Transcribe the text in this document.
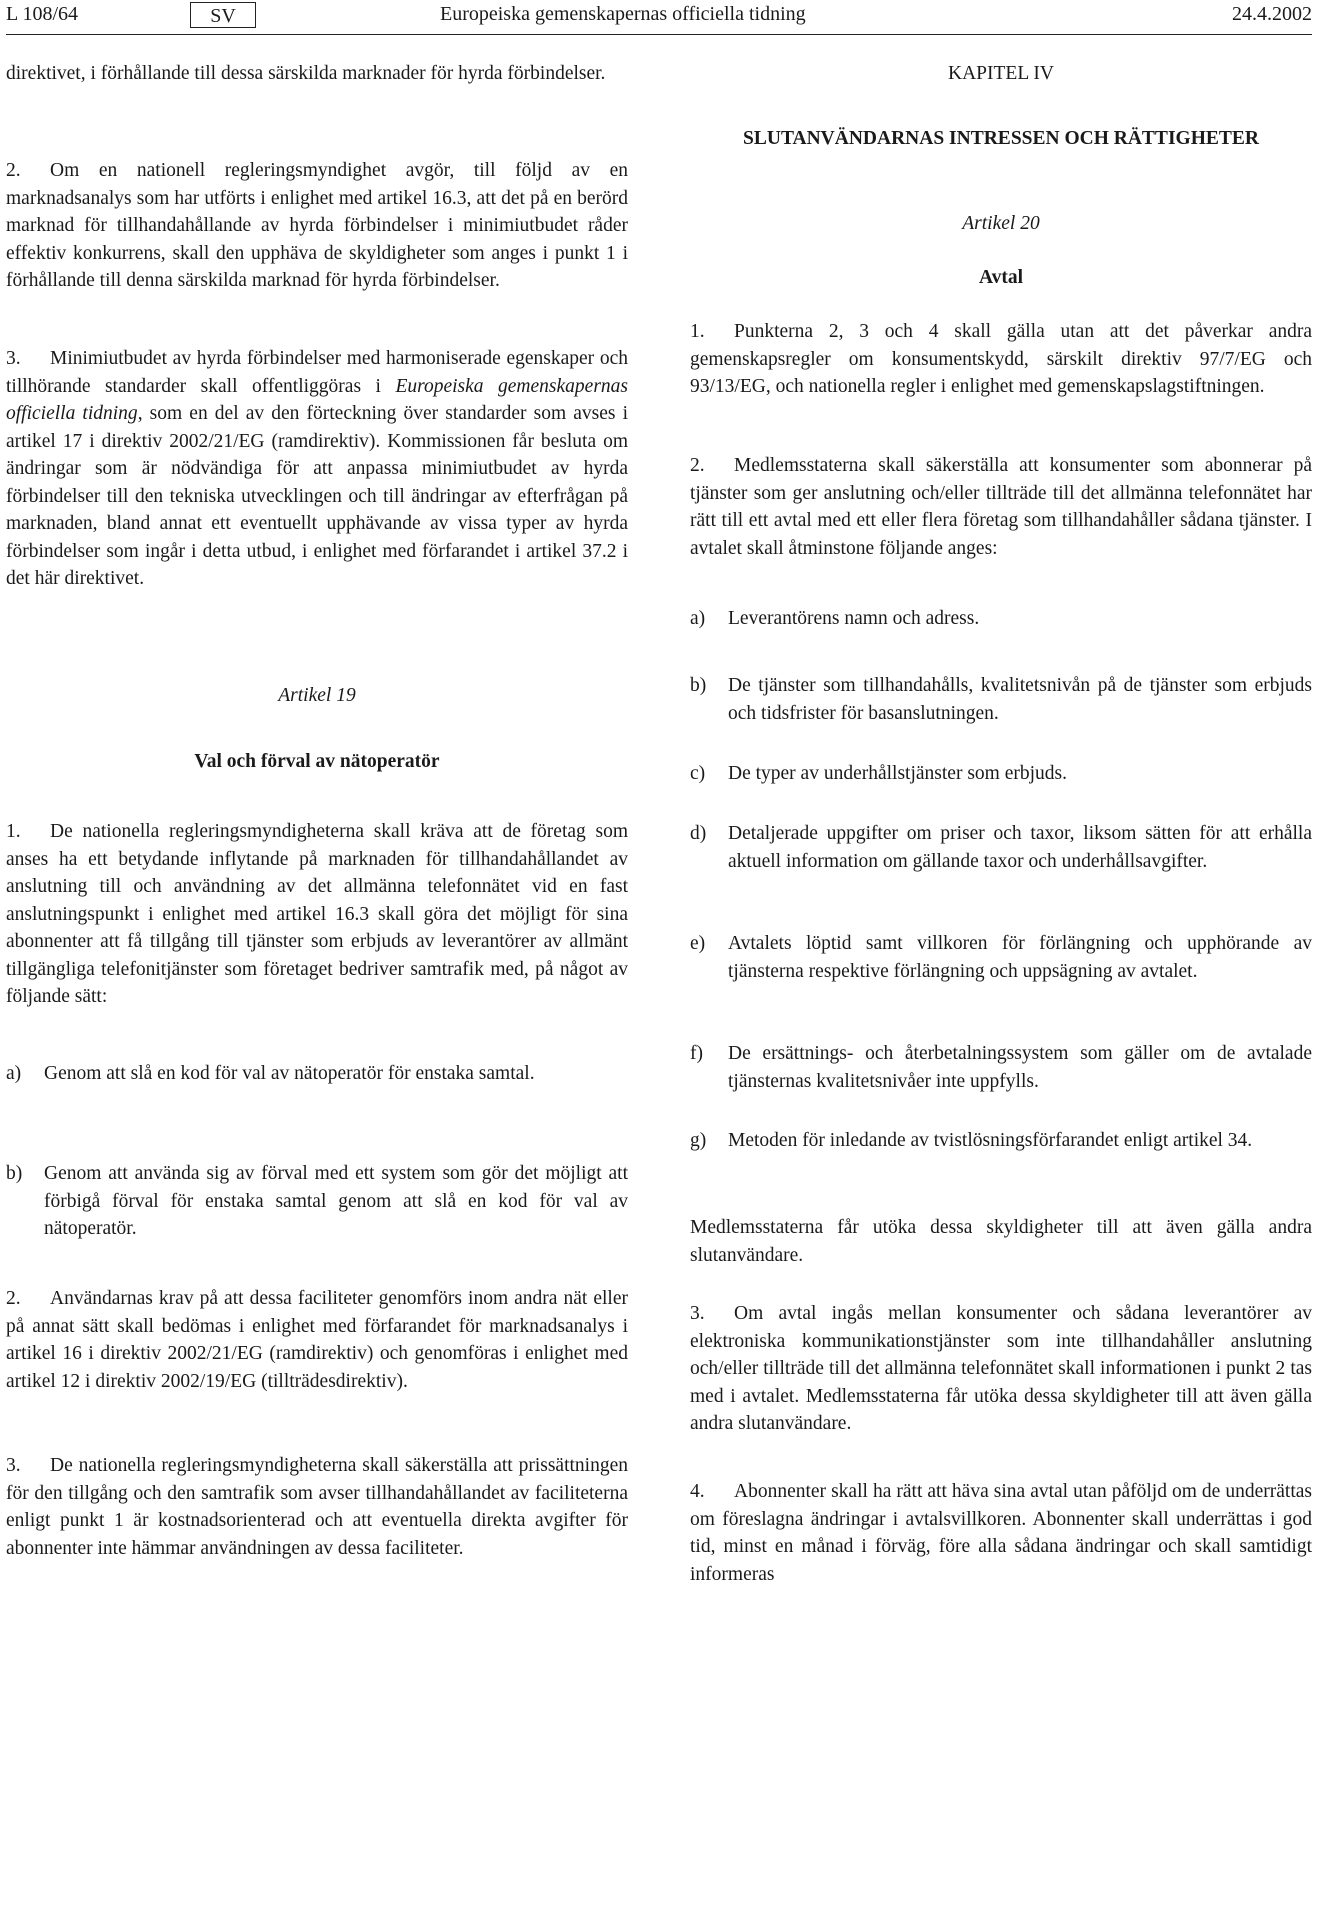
L 108/64	SV	Europeiska gemenskapernas officiella tidning	24.4.2002

direktivet, i förhållande till dessa särskilda marknader för hyrda förbindelser.

2. Om en nationell regleringsmyndighet avgör, till följd av en marknadsanalys som har utförts i enlighet med artikel 16.3, att det på en berörd marknad för tillhandahållande av hyrda förbindelser i minimiutbudet råder effektiv konkurrens, skall den upphäva de skyldigheter som anges i punkt 1 i förhållande till denna särskilda marknad för hyrda förbindelser.

3. Minimiutbudet av hyrda förbindelser med harmoniserade egenskaper och tillhörande standarder skall offentliggöras i Europeiska gemenskapernas officiella tidning, som en del av den förteckning över standarder som avses i artikel 17 i direktiv 2002/21/EG (ramdirektiv). Kommissionen får besluta om ändringar som är nödvändiga för att anpassa minimiutbudet av hyrda förbindelser till den tekniska utvecklingen och till ändringar av efterfrågan på marknaden, bland annat ett eventuellt upphävande av vissa typer av hyrda förbindelser som ingår i detta utbud, i enlighet med förfarandet i artikel 37.2 i det här direktivet.

Artikel 19
Val och förval av nätoperatör

1. De nationella regleringsmyndigheterna skall kräva att de företag som anses ha ett betydande inflytande på marknaden för tillhandahållandet av anslutning till och användning av det allmänna telefonnätet vid en fast anslutningspunkt i enlighet med artikel 16.3 skall göra det möjligt för sina abonnenter att få tillgång till tjänster som erbjuds av leverantörer av allmänt tillgängliga telefonitjänster som företaget bedriver samtrafik med, på något av följande sätt:

a) Genom att slå en kod för val av nätoperatör för enstaka samtal.
b) Genom att använda sig av förval med ett system som gör det möjligt att förbigå förval för enstaka samtal genom att slå en kod för val av nätoperatör.

2. Användarnas krav på att dessa faciliteter genomförs inom andra nät eller på annat sätt skall bedömas i enlighet med förfarandet för marknadsanalys i artikel 16 i direktiv 2002/21/EG (ramdirektiv) och genomföras i enlighet med artikel 12 i direktiv 2002/19/EG (tillträdesdirektiv).

3. De nationella regleringsmyndigheterna skall säkerställa att prissättningen för den tillgång och den samtrafik som avser tillhandahållandet av faciliteterna enligt punkt 1 är kostnadsorienterad och att eventuella direkta avgifter för abonnenter inte hämmar användningen av dessa faciliteter.

KAPITEL IV
SLUTANVÄNDARNAS INTRESSEN OCH RÄTTIGHETER
Artikel 20
Avtal

1. Punkterna 2, 3 och 4 skall gälla utan att det påverkar andra gemenskapsregler om konsumentskydd, särskilt direktiv 97/7/EG och 93/13/EG, och nationella regler i enlighet med gemenskapslagstiftningen.

2. Medlemsstaterna skall säkerställa att konsumenter som abonnerar på tjänster som ger anslutning och/eller tillträde till det allmänna telefonnätet har rätt till ett avtal med ett eller flera företag som tillhandahåller sådana tjänster. I avtalet skall åtminstone följande anges:

a) Leverantörens namn och adress.
b) De tjänster som tillhandahålls, kvalitetsnivån på de tjänster som erbjuds och tidsfrister för basanslutningen.
c) De typer av underhållstjänster som erbjuds.
d) Detaljerade uppgifter om priser och taxor, liksom sätten för att erhålla aktuell information om gällande taxor och underhållsavgifter.
e) Avtalets löptid samt villkoren för förlängning och upphörande av tjänsterna respektive förlängning och uppsägning av avtalet.
f) De ersättnings- och återbetalningssystem som gäller om de avtalade tjänsternas kvalitetsnivåer inte uppfylls.
g) Metoden för inledande av tvistlösningsförfarandet enligt artikel 34.

Medlemsstaterna får utöka dessa skyldigheter till att även gälla andra slutanvändare.

3. Om avtal ingås mellan konsumenter och sådana leverantörer av elektroniska kommunikationstjänster som inte tillhandahåller anslutning och/eller tillträde till det allmänna telefonnätet skall informationen i punkt 2 tas med i avtalet. Medlemsstaterna får utöka dessa skyldigheter till att även gälla andra slutanvändare.

4. Abonnenter skall ha rätt att häva sina avtal utan påföljd om de underrättas om föreslagna ändringar i avtalsvillkoren. Abonnenter skall underrättas i god tid, minst en månad i förväg, före alla sådana ändringar och skall samtidigt informeras
